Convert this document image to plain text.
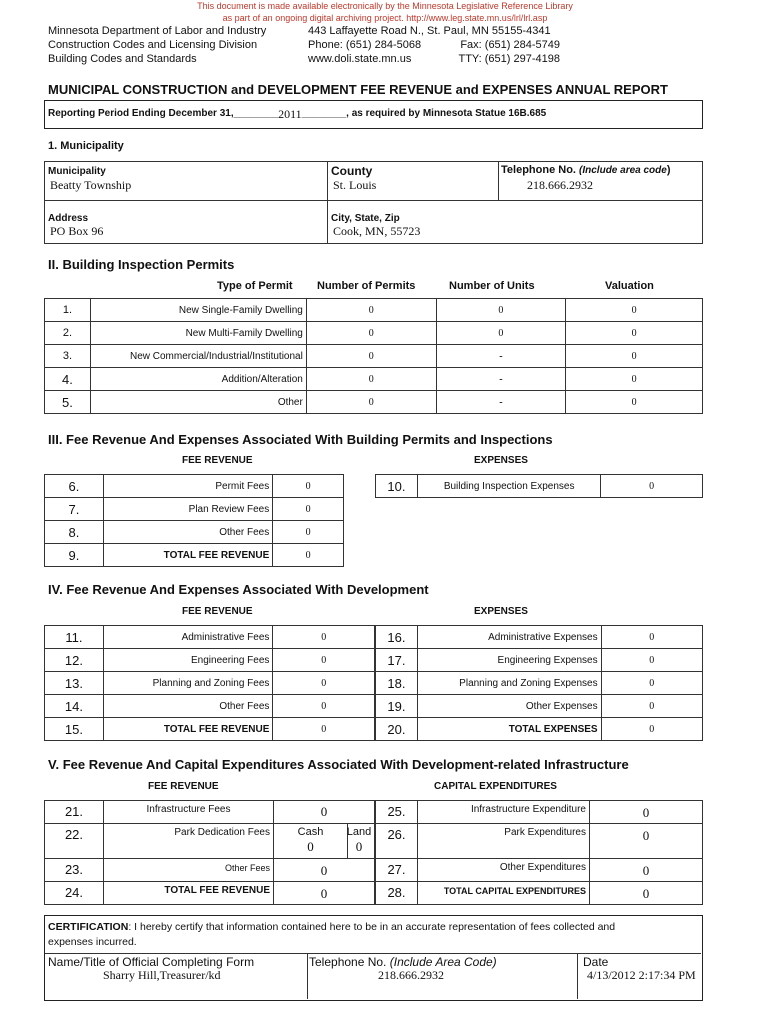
This document is made available electronically by the Minnesota Legislative Reference Library
as part of an ongoing digital archiving project. http://www.leg.state.mn.us/lrl/lrl.asp
Minnesota Department of Labor and Industry
Construction Codes and Licensing Division
Building Codes and Standards
443 Laffayette Road N., St. Paul, MN 55155-4341
Phone: (651) 284-5068	Fax: (651) 284-5749
www.doli.state.mn.us	TTY: (651) 297-4198
MUNICIPAL CONSTRUCTION and DEVELOPMENT FEE REVENUE and EXPENSES ANNUAL REPORT
Reporting Period Ending December 31,________2011________, as required by Minnesota Statue 16B.685
1. Municipality
Municipality
Beatty Township
County
St. Louis
Telephone No. (Include area code)
218.666.2932
Address
PO Box 96
City, State, Zip
Cook, MN, 55723
II. Building Inspection Permits
Type of Permit Number of Permits	Number of Units	Valuation
1.	New Single-Family Dwelling	0	0	0
2.	New Multi-Family Dwelling	0	0	0
3.	New Commercial/Industrial/Institutional	0	-	0
4.	Addition/Alteration	0	-	0
5.	Other	0	-	0
III. Fee Revenue And Expenses Associated With Building Permits and Inspections
FEE REVENUE	EXPENSES
6.	Permit Fees	0
7.	Plan Review Fees	0
8.	Other Fees	0
9.	TOTAL FEE REVENUE	0
10.	Building Inspection Expenses	0
IV. Fee Revenue And Expenses Associated With Development
FEE REVENUE	EXPENSES
11.	Administrative Fees	0
12.	Engineering Fees	0
13.	Planning and Zoning Fees	0
14.	Other Fees	0
15.	TOTAL FEE REVENUE	0
16.	Administrative Expenses	0
17.	Engineering Expenses	0
18.	Planning and Zoning Expenses	0
19.	Other Expenses	0
20.	TOTAL EXPENSES	0
V. Fee Revenue And Capital Expenditures Associated With Development-related Infrastructure
FEE REVENUE	CAPITAL EXPENDITURES
21.	Infrastructure Fees	0
22.	Park Dedication Fees	Cash
0
Land
0
23.	Other Fees	0
24.	TOTAL FEE REVENUE	0
25.	Infrastructure Expenditure	0
26.	Park Expenditures	0
27.	Other Expenditures	0
28.	TOTAL CAPITAL EXPENDITURES	0
CERTIFICATION: I hereby certify that information contained here to be in an accurate representation of fees collected and
expenses incurred.
Name/Title of Official Completing Form
Sharry Hill,Treasurer/kd
Telephone No. (Include Area Code)
218.666.2932
Date
4/13/2012 2:17:34 PM
